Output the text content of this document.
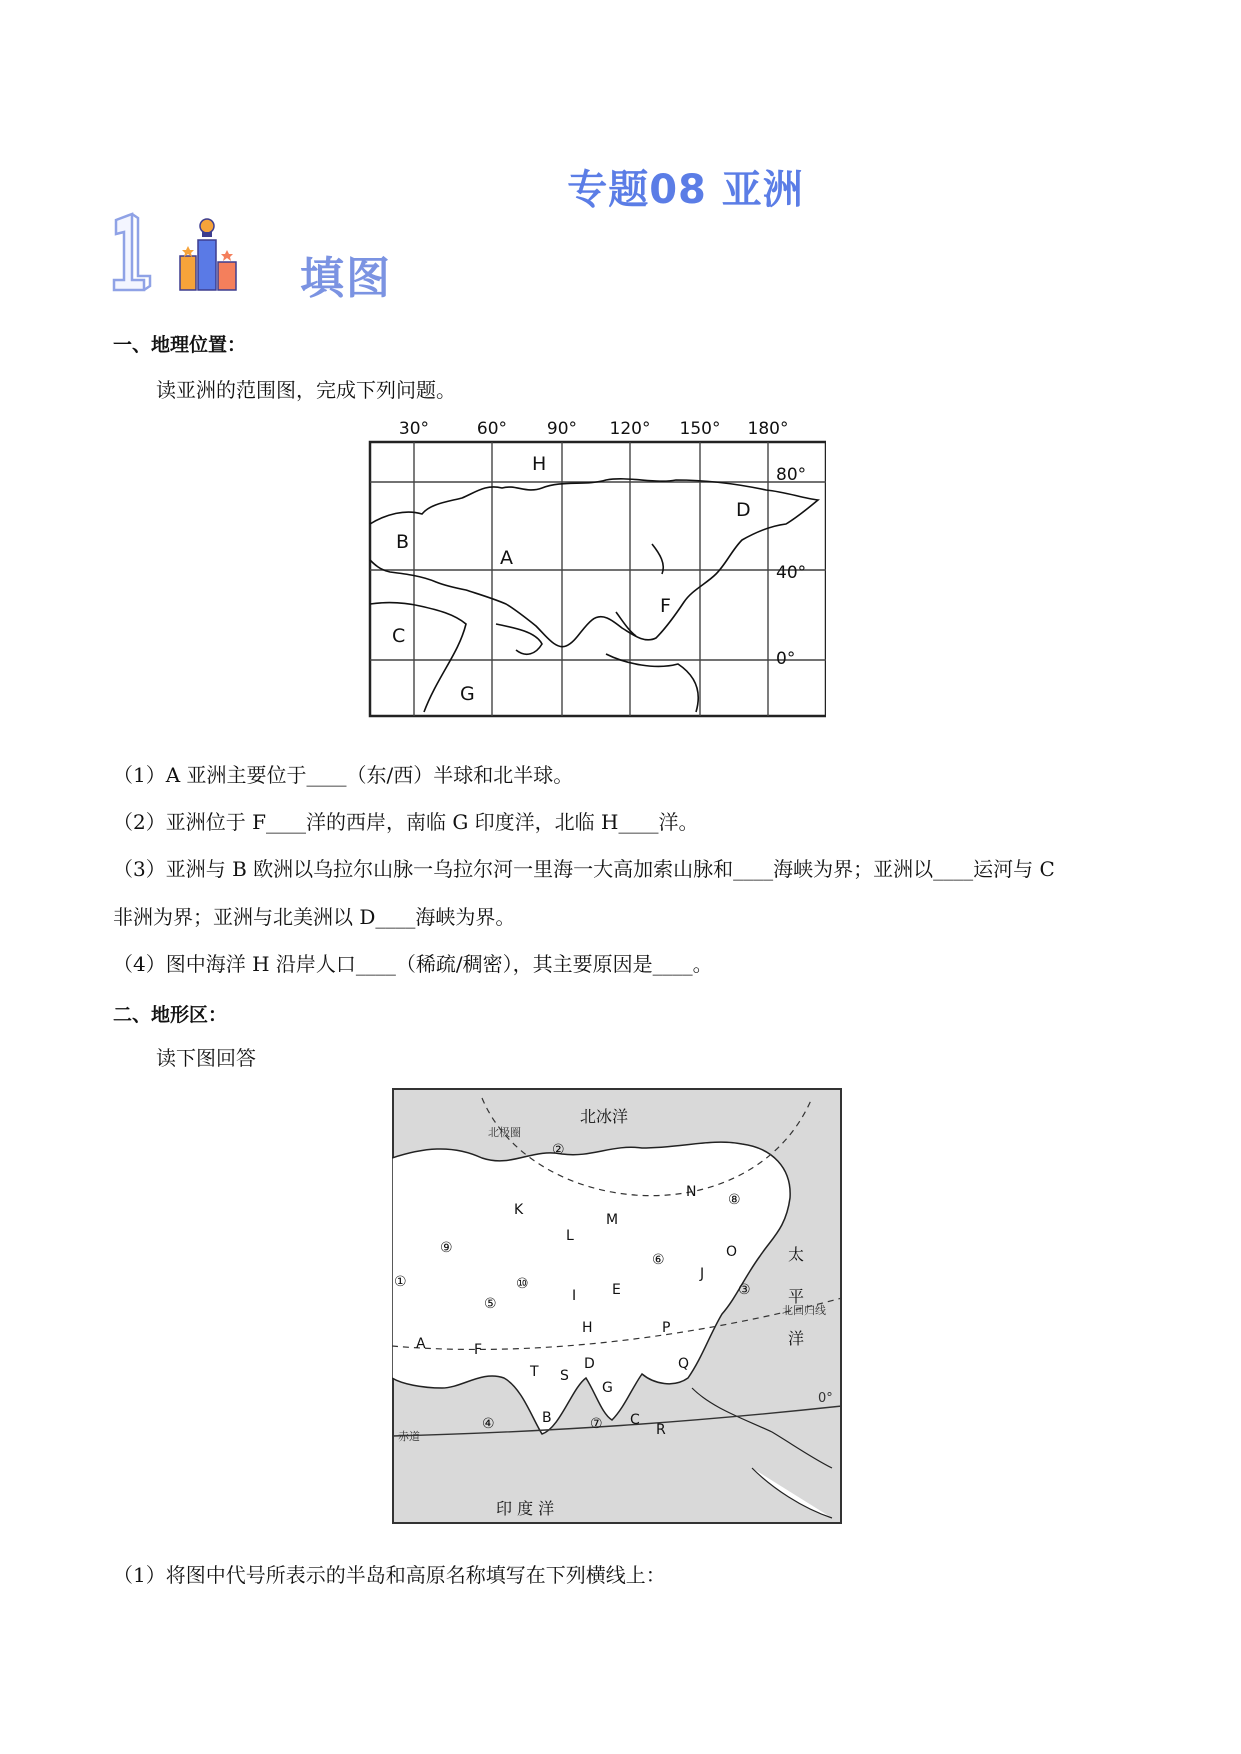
专题08 亚洲
填图
一、地理位置：
读亚洲的范围图，完成下列问题。
30°	60° 90° 120° 150° 180°
H
D
B
A
F
C
G
80°
40°
0°
（1）A 亚洲主要位于____（东/西）半球和北半球。
（2）亚洲位于 F____洋的西岸，南临 G 印度洋，北临 H____洋。
（3）亚洲与 B 欧洲以乌拉尔山脉一乌拉尔河一里海一大高加索山脉和____海峡为界；亚洲以____运河与 C
非洲为界；亚洲与北美洲以 D____海峡为界。
（4）图中海洋 H 沿岸人口____（稀疏/稠密），其主要原因是____。
二、地形区：
读下图回答
北冰洋
太
平
洋
印 度 洋
北极圈
北回归线
赤道
0°
①
②
③
④
⑤
⑥
⑦
⑧
⑨
⑩
K
L
M
N
O
J
E
I
H	P
A	F
T	D
S
G
Q
B	C
R
（1）将图中代号所表示的半岛和高原名称填写在下列横线上：
